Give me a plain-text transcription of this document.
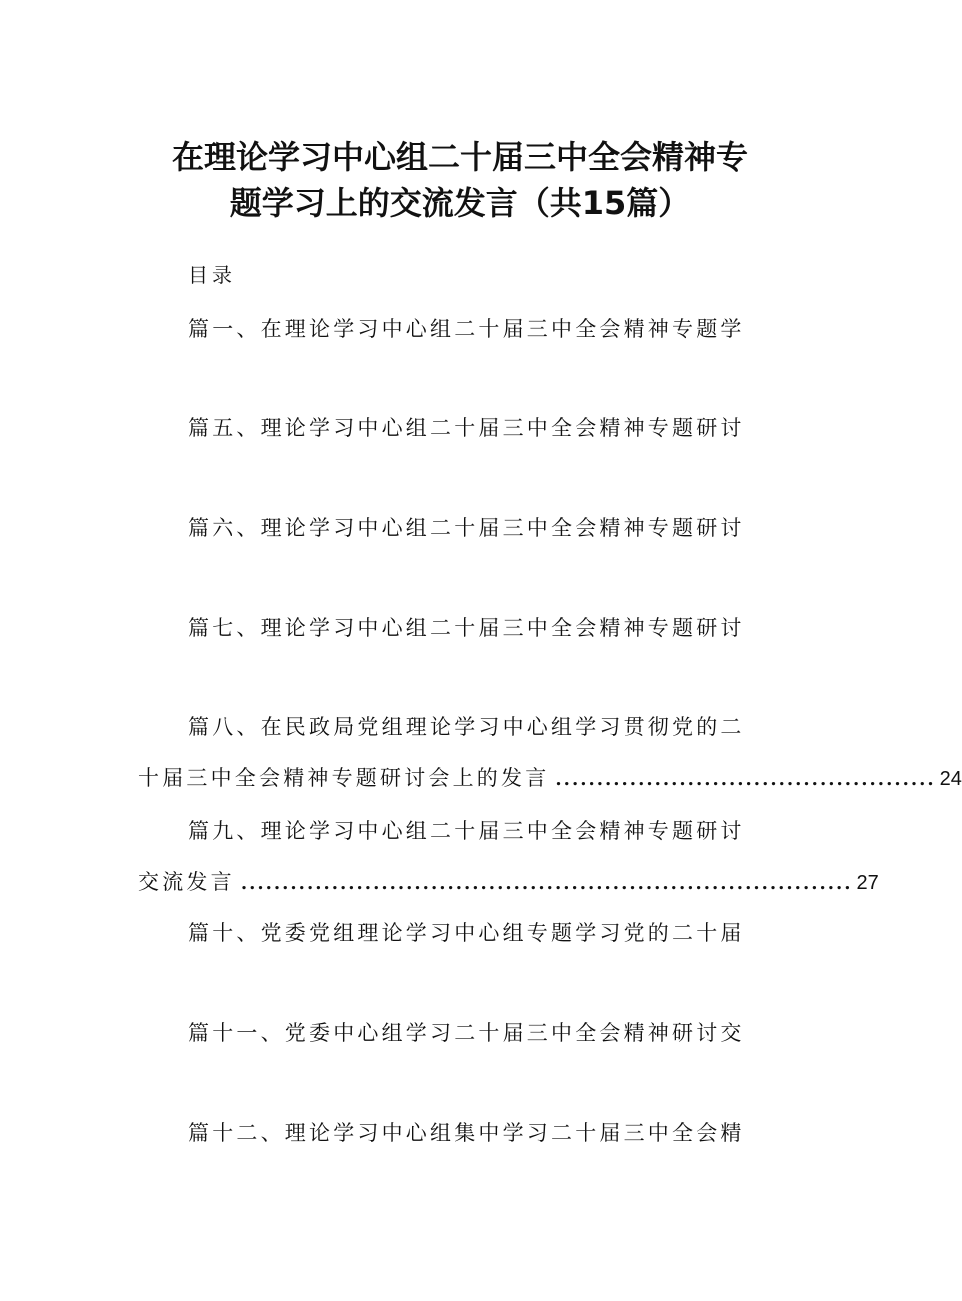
在理论学习中心组二十届三中全会精神专
题学习上的交流发言（共15篇）
目录
篇一、在理论学习中心组二十届三中全会精神专题学
篇五、理论学习中心组二十届三中全会精神专题研讨
篇六、理论学习中心组二十届三中全会精神专题研讨
篇七、理论学习中心组二十届三中全会精神专题研讨
篇八、在民政局党组理论学习中心组学习贯彻党的二
十届三中全会精神专题研讨会上的发言 .............................................. 24
篇九、理论学习中心组二十届三中全会精神专题研讨
交流发言 .......................................................................... 27
篇十、党委党组理论学习中心组专题学习党的二十届
篇十一、党委中心组学习二十届三中全会精神研讨交
篇十二、理论学习中心组集中学习二十届三中全会精
